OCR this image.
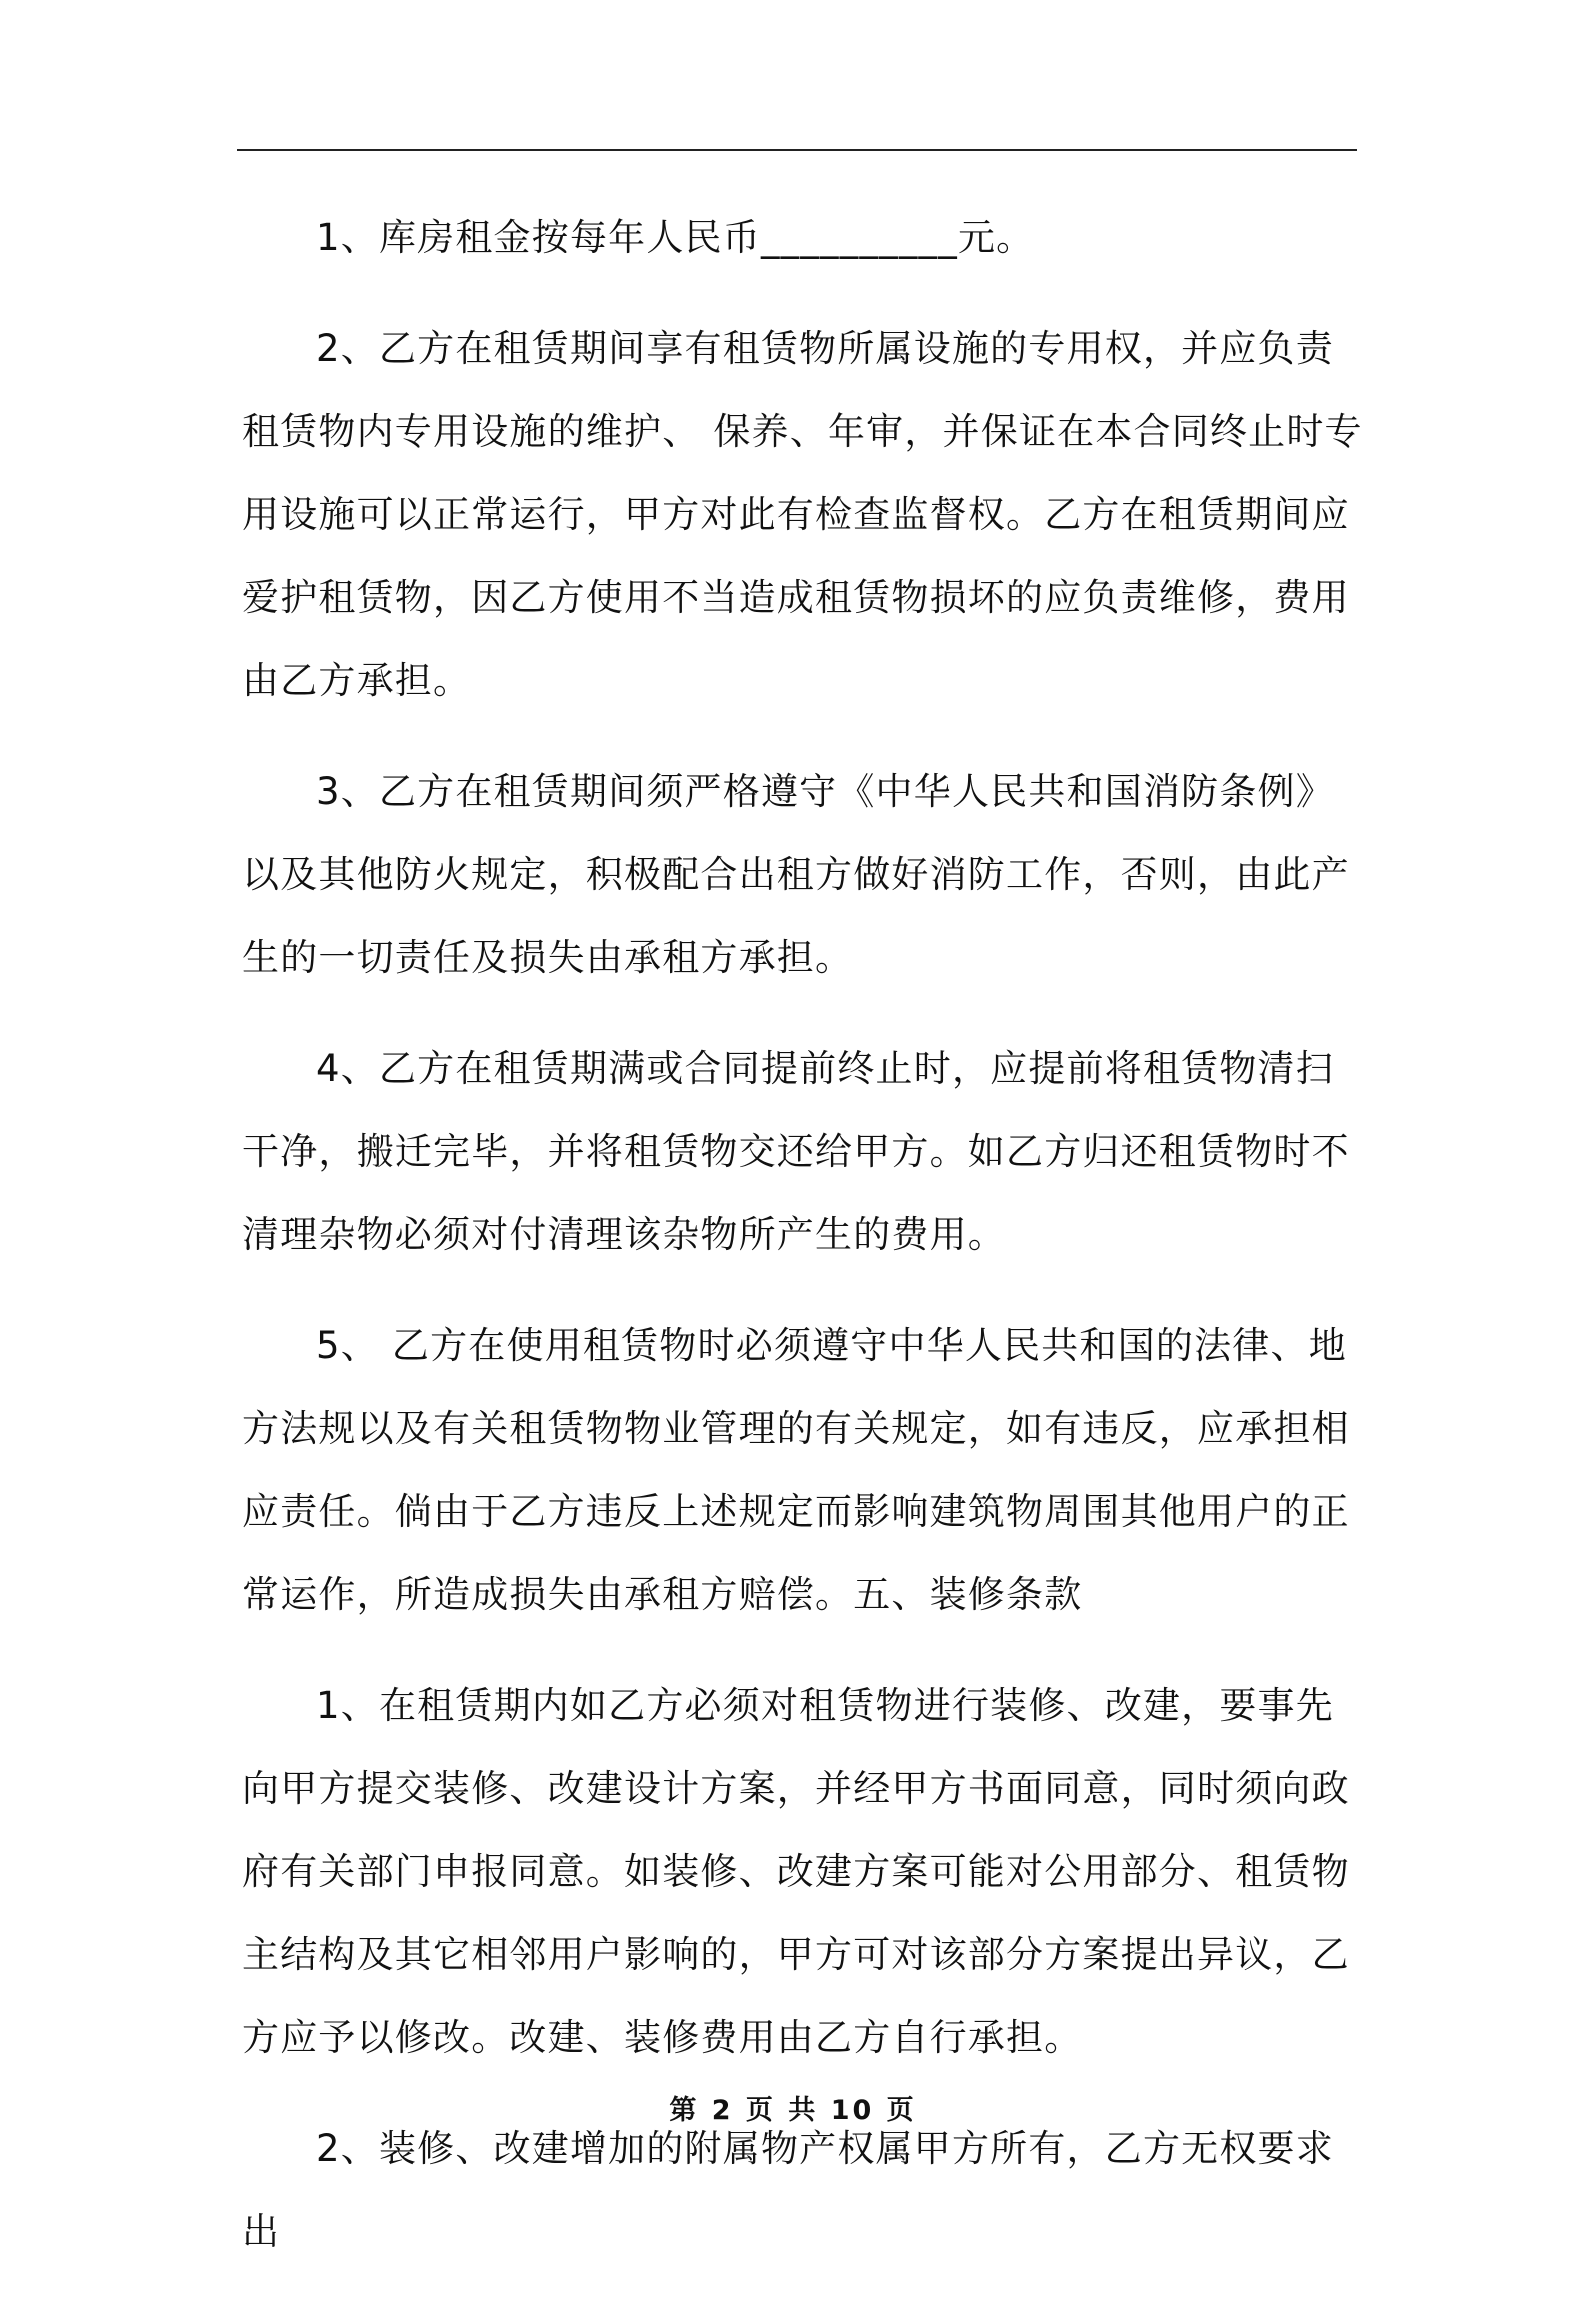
1、库房租金按每年人民币__________元。

2、乙方在租赁期间享有租赁物所属设施的专用权，并应负责租赁物内专用设施的维护、 保养、年审，并保证在本合同终止时专用设施可以正常运行，甲方对此有检查监督权。乙方在租赁期间应爱护租赁物，因乙方使用不当造成租赁物损坏的应负责维修，费用由乙方承担。

3、乙方在租赁期间须严格遵守《中华人民共和国消防条例》以及其他防火规定，积极配合出租方做好消防工作，否则，由此产生的一切责任及损失由承租方承担。

4、乙方在租赁期满或合同提前终止时，应提前将租赁物清扫干净，搬迁完毕，并将租赁物交还给甲方。如乙方归还租赁物时不清理杂物必须对付清理该杂物所产生的费用。

5、 乙方在使用租赁物时必须遵守中华人民共和国的法律、地方法规以及有关租赁物物业管理的有关规定，如有违反，应承担相应责任。倘由于乙方违反上述规定而影响建筑物周围其他用户的正常运作，所造成损失由承租方赔偿。五、装修条款

1、在租赁期内如乙方必须对租赁物进行装修、改建，要事先向甲方提交装修、改建设计方案，并经甲方书面同意，同时须向政府有关部门申报同意。如装修、改建方案可能对公用部分、租赁物主结构及其它相邻用户影响的，甲方可对该部分方案提出异议，乙方应予以修改。改建、装修费用由乙方自行承担。

2、装修、改建增加的附属物产权属甲方所有，乙方无权要求出

第 2 页 共 10 页
